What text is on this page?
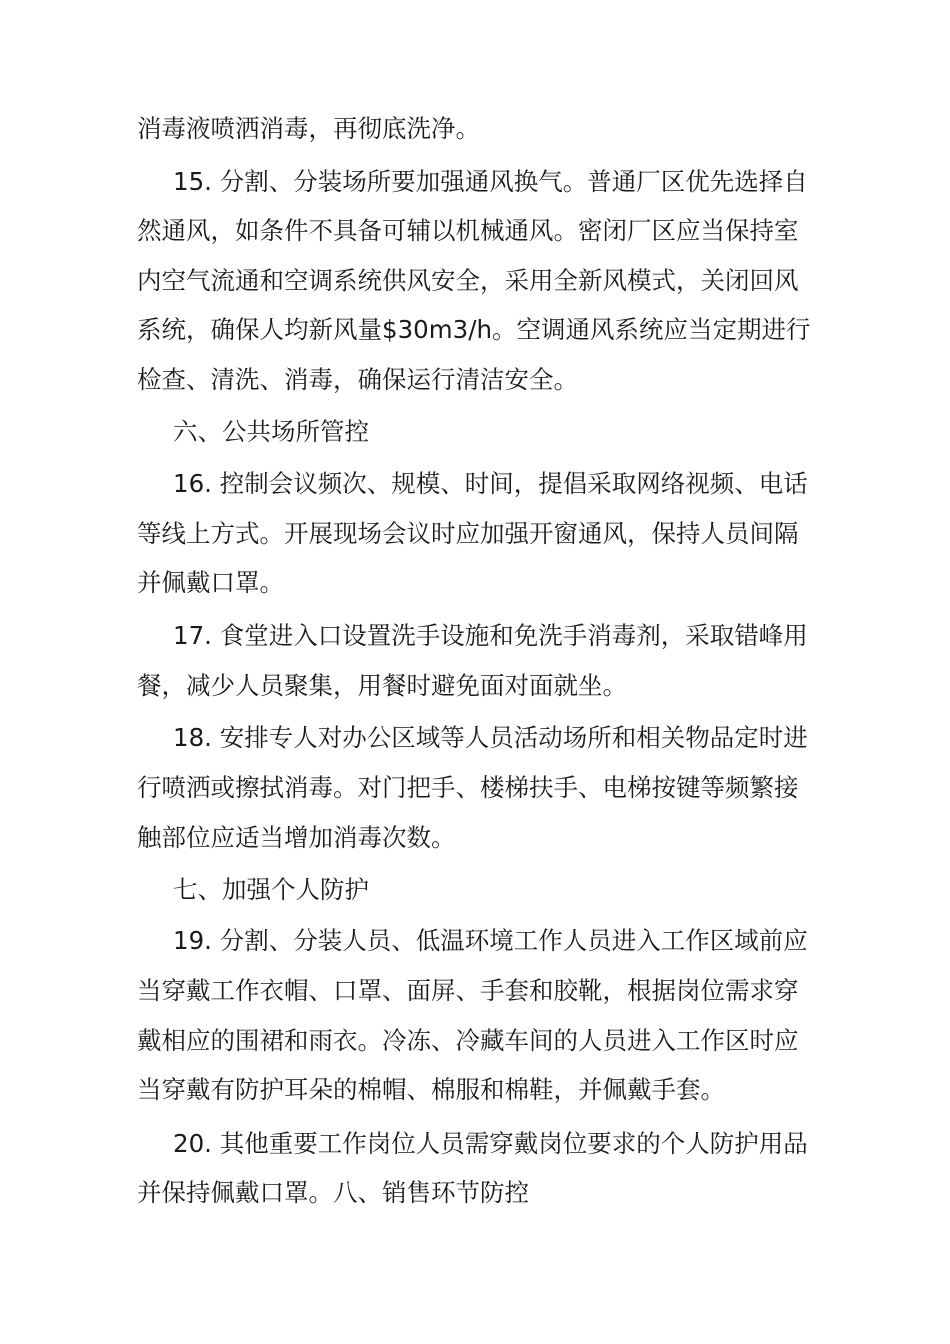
消毒液喷洒消毒，再彻底洗净。
15. 分割、分装场所要加强通风换气。普通厂区优先选择自
然通风，如条件不具备可辅以机械通风。密闭厂区应当保持室
内空气流通和空调系统供风安全，采用全新风模式，关闭回风
系统，确保人均新风量$30m3/h。空调通风系统应当定期进行
检查、清洗、消毒，确保运行清洁安全。
六、公共场所管控
16. 控制会议频次、规模、时间，提倡采取网络视频、电话
等线上方式。开展现场会议时应加强开窗通风，保持人员间隔
并佩戴口罩。
17. 食堂进入口设置洗手设施和免洗手消毒剂，采取错峰用
餐，减少人员聚集，用餐时避免面对面就坐。
18. 安排专人对办公区域等人员活动场所和相关物品定时进
行喷洒或擦拭消毒。对门把手、楼梯扶手、电梯按键等频繁接
触部位应适当增加消毒次数。
七、加强个人防护
19. 分割、分装人员、低温环境工作人员进入工作区域前应
当穿戴工作衣帽、口罩、面屏、手套和胶靴，根据岗位需求穿
戴相应的围裙和雨衣。冷冻、冷藏车间的人员进入工作区时应
当穿戴有防护耳朵的棉帽、棉服和棉鞋，并佩戴手套。
20. 其他重要工作岗位人员需穿戴岗位要求的个人防护用品
并保持佩戴口罩。八、销售环节防控
